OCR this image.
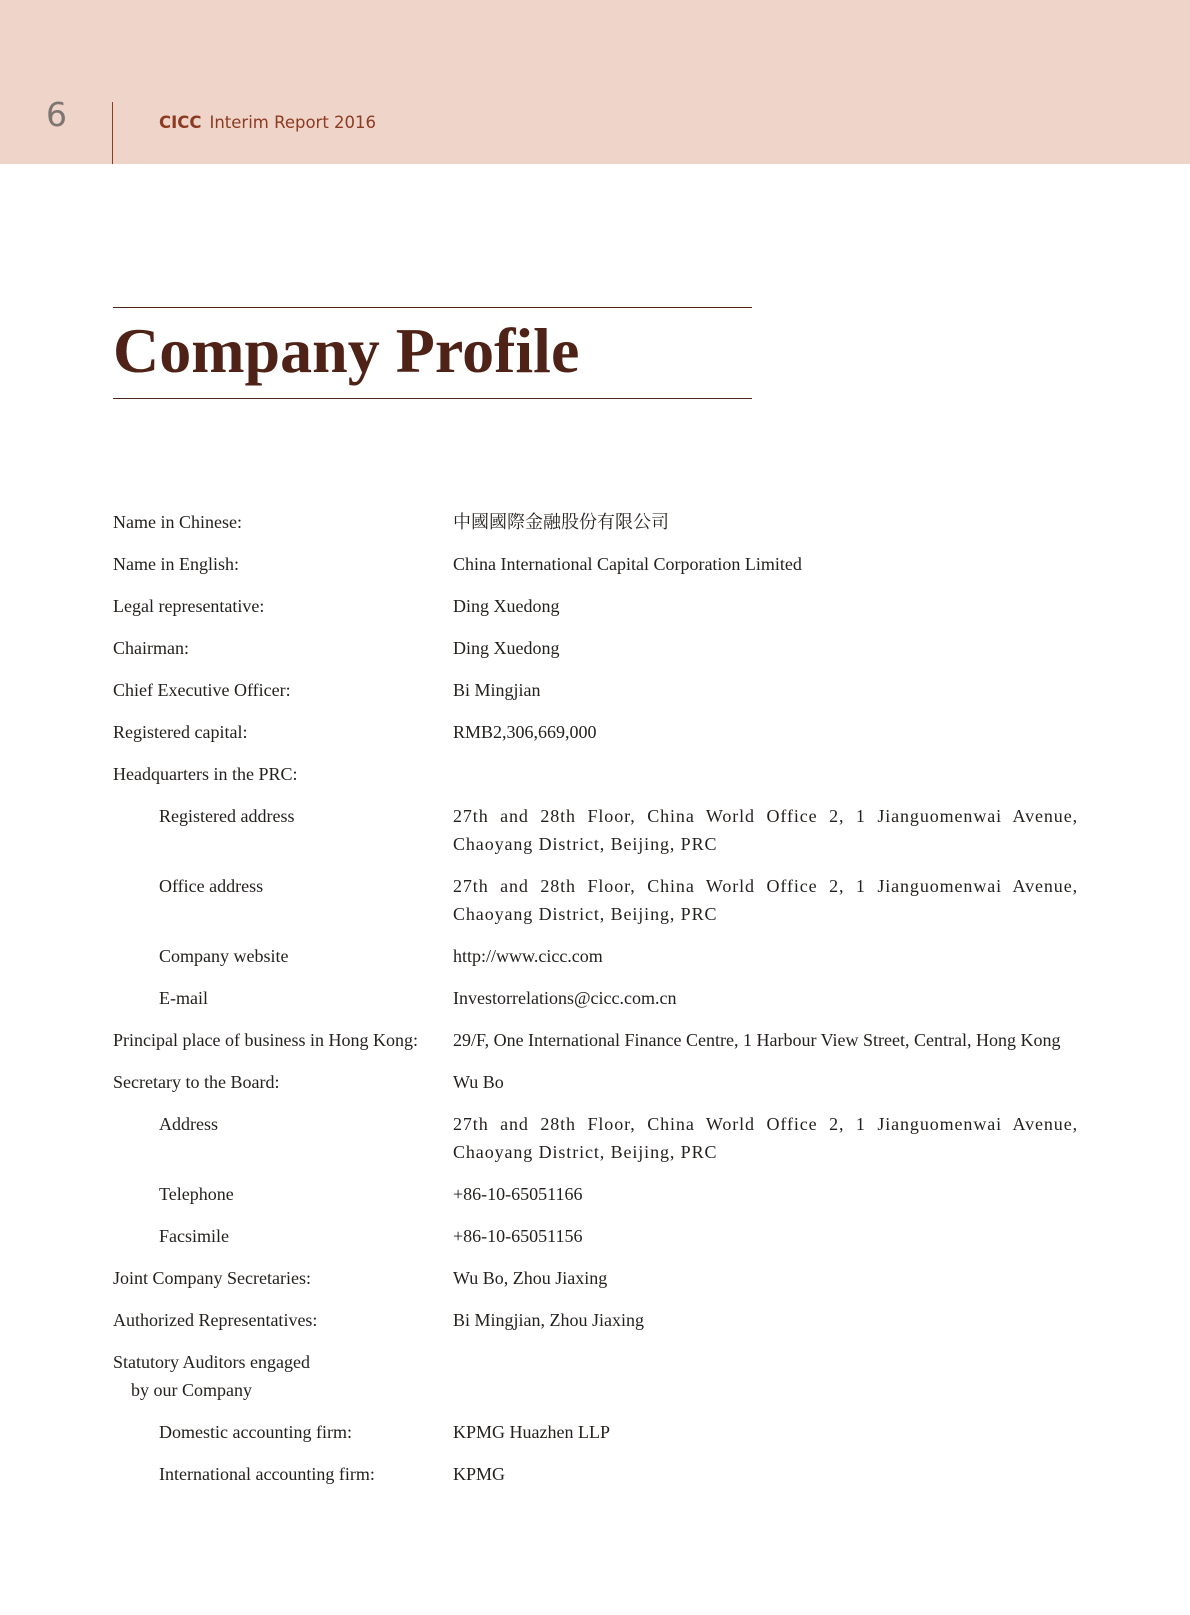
6	CICC Interim Report 2016
Company Profile
Name in Chinese:	中國國際金融股份有限公司
Name in English:	China International Capital Corporation Limited
Legal representative:	Ding Xuedong
Chairman:	Ding Xuedong
Chief Executive Officer:	Bi Mingjian
Registered capital:	RMB2,306,669,000
Headquarters in the PRC:
Registered address	27th and 28th Floor, China World Office 2, 1 Jianguomenwai Avenue, Chaoyang District, Beijing, PRC
Office address	27th and 28th Floor, China World Office 2, 1 Jianguomenwai Avenue, Chaoyang District, Beijing, PRC
Company website	http://www.cicc.com
E-mail	Investorrelations@cicc.com.cn
Principal place of business in Hong Kong:	29/F, One International Finance Centre, 1 Harbour View Street, Central, Hong Kong
Secretary to the Board:	Wu Bo
Address	27th and 28th Floor, China World Office 2, 1 Jianguomenwai Avenue, Chaoyang District, Beijing, PRC
Telephone	+86-10-65051166
Facsimile	+86-10-65051156
Joint Company Secretaries:	Wu Bo, Zhou Jiaxing
Authorized Representatives:	Bi Mingjian, Zhou Jiaxing
Statutory Auditors engaged
by our Company
Domestic accounting firm:	KPMG Huazhen LLP
International accounting firm:	KPMG
